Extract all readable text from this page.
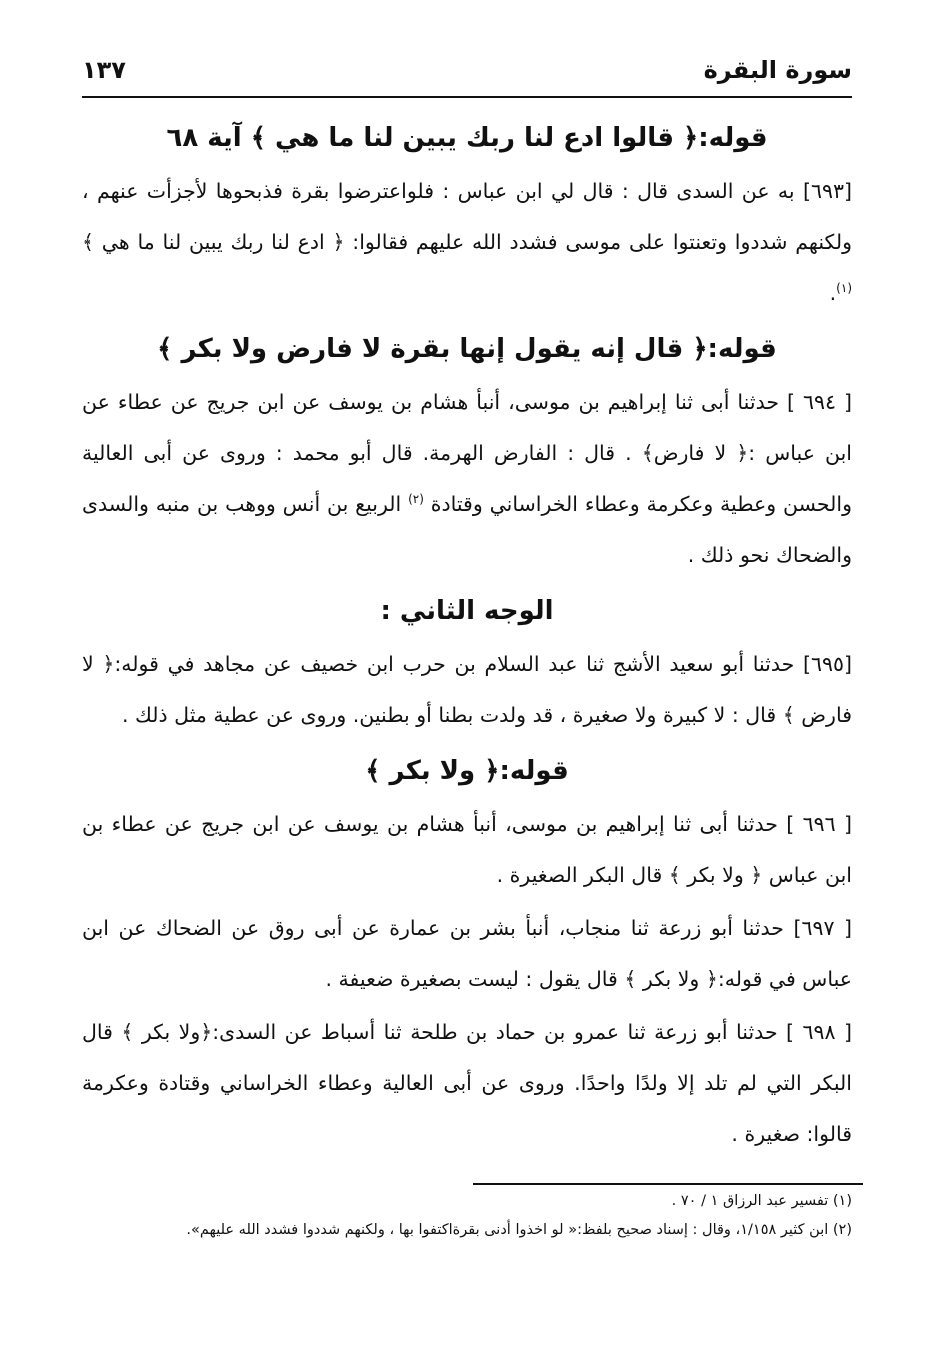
سورة البقرة
١٣٧

قوله:﴿ قالوا ادع لنا ربك يبين لنا ما هي ﴾ آية ٦٨

[٦٩٣] به عن السدى قال : قال لي ابن عباس : فلواعترضوا بقرة فذبحوها لأجزأت عنهم ، ولكنهم شددوا وتعنتوا على موسى فشدد الله عليهم فقالوا: ﴿ ادع لنا ربك يبين لنا ما هي ﴾$^{(١)}$.

قوله:﴿ قال إنه يقول إنها بقرة لا فارض ولا بكر ﴾

[ ٦٩٤ ] حدثنا أبى ثنا إبراهيم بن موسى، أنبأ هشام بن يوسف عن ابن جريج عن عطاء عن ابن عباس :﴿ لا فارض﴾ . قال : الفارض الهرمة. قال أبو محمد : وروى عن أبى العالية والحسن وعطية وعكرمة وعطاء الخراساني وقتادة $^{(٢)}$ الربيع بن أنس ووهب بن منبه والسدى والضحاك نحو ذلك .

الوجه الثاني :

[٦٩٥] حدثنا أبو سعيد الأشج ثنا عبد السلام بن حرب ابن خصيف عن مجاهد في قوله:﴿ لا فارض ﴾ قال : لا كبيرة ولا صغيرة ، قد ولدت بطنا أو بطنين. وروى عن عطية مثل ذلك .

قوله:﴿ ولا بكر ﴾

[ ٦٩٦ ] حدثنا أبى ثنا إبراهيم بن موسى، أنبأ هشام بن يوسف عن ابن جريج عن عطاء بن ابن عباس ﴿ ولا بكر ﴾ قال البكر الصغيرة .

[ ٦٩٧] حدثنا أبو زرعة ثنا منجاب، أنبأ بشر بن عمارة عن أبى روق عن الضحاك عن ابن عباس في قوله:﴿ ولا بكر ﴾ قال يقول : ليست بصغيرة ضعيفة .

[ ٦٩٨ ] حدثنا أبو زرعة ثنا عمرو بن حماد بن طلحة ثنا أسباط عن السدى:﴿ولا بكر ﴾ قال البكر التي لم تلد إلا ولدًا واحدًا. وروى عن أبى العالية وعطاء الخراساني وقتادة وعكرمة قالوا: صغيرة .

(١) تفسير عبد الرزاق ١ / ٧٠ .

(٢) ابن كثير ١/١٥٨، وقال : إسناد صحيح بلفظ:« لو اخذوا أدنى بقرةاكتفوا بها ، ولكنهم شددوا فشدد الله عليهم».
